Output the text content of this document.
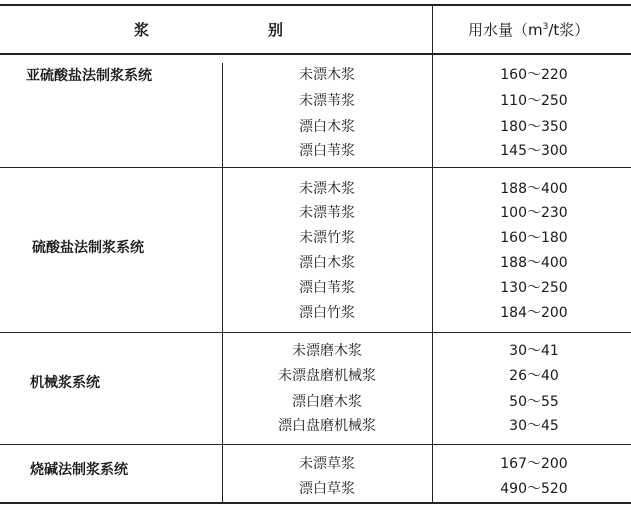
浆	别	用水量（$m^3/t$浆）
亚硫酸盐法制浆系统	未漂木浆	160～220
未漂苇浆	110～250
漂白木浆	180～350
漂白苇浆	145～300
硫酸盐法制浆系统
未漂木浆	188～400
未漂苇浆	100～230
未漂竹浆	160～180
漂白木浆	188～400
漂白苇浆	130～250
漂白竹浆	184～200
机械浆系统
未漂磨木浆	30～41
未漂盘磨机械浆	26～40
漂白磨木浆	50～55
漂白盘磨机械浆	30～45
烧碱法制浆系统	未漂草浆	167～200
漂白草浆	490～520
